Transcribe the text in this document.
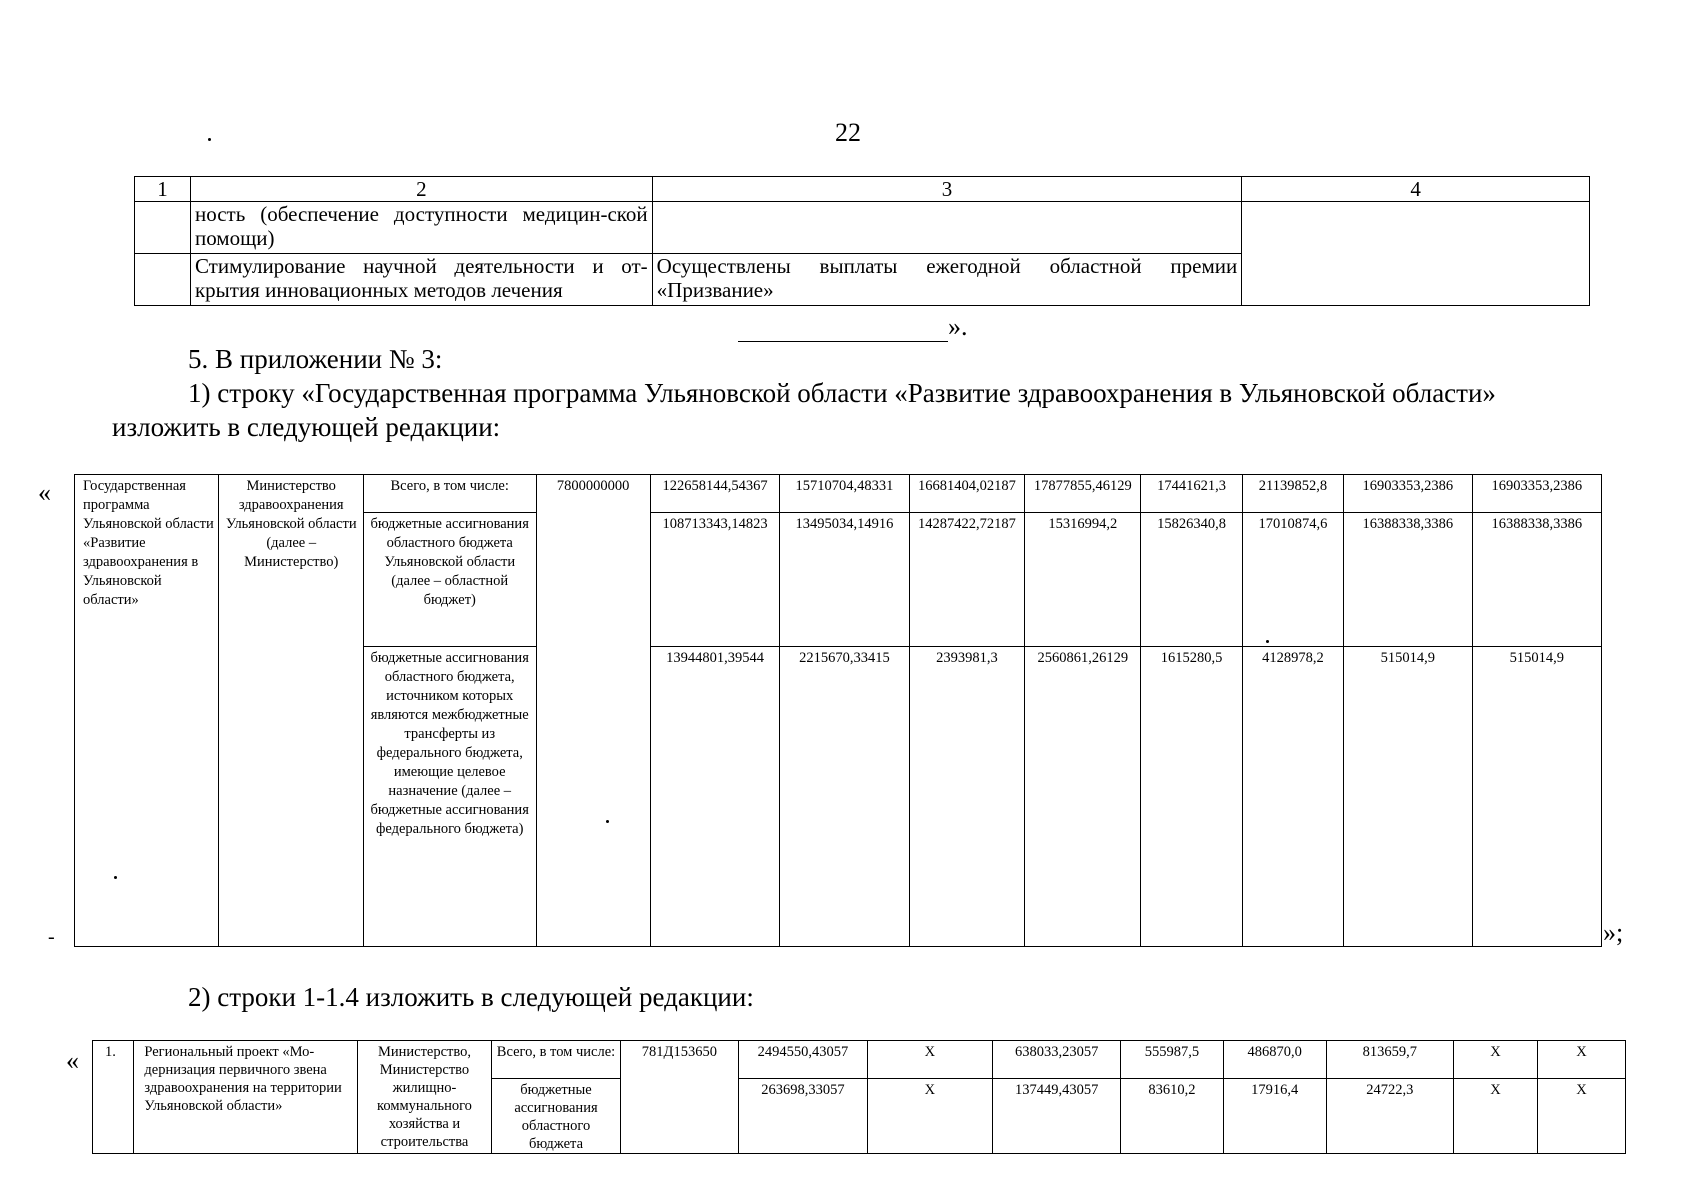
22
1	2	3	4
	ность (обеспечение доступности медицин-ской помощи)		
	Стимулирование научной деятельности и от-крытия инновационных методов лечения	Осуществлены выплаты ежегодной областной премии «Призвание»	
».
5. В приложении № 3:
1) строку «Государственная программа Ульяновской области «Развитие здравоохранения в Ульяновской области»
изложить в следующей редакции:
«
-
Государственная программа Ульяновской области «Развитие здравоохранения в Ульяновской области»	Министерство здравоохранения Ульяновской области (далее – Министерство)	Всего, в том числе:	7800000000	122658144,54367	15710704,48331	16681404,02187	17877855,46129	17441621,3	21139852,8	16903353,2386	16903353,2386
		бюджетные ассигнования областного бюджета Ульяновской области (далее – областной бюджет)		108713343,14823	13495034,14916	14287422,72187	15316994,2	15826340,8	17010874,6	16388338,3386	16388338,3386
		бюджетные ассигнования областного бюджета, источником которых являются межбюджетные трансферты из федерального бюджета, имеющие целевое назначение (далее – бюджетные ассигнования федерального бюджета)		13944801,39544	2215670,33415	2393981,3	2560861,26129	1615280,5	4128978,2	515014,9	515014,9
»;
2) строки 1-1.4 изложить в следующей редакции:
« 1.	Региональный проект «Мо-дернизация первичного звена здравоохранения на территории Ульяновской области»	Министерство, Министерство жилищно-коммунального хозяйства и строительства	Всего, в том числе:	781Д153650	2494550,43057	X	638033,23057	555987,5	486870,0	813659,7	X	X
			бюджетные ассигнования областного бюджета		263698,33057	X	137449,43057	83610,2	17916,4	24722,3	X	X
